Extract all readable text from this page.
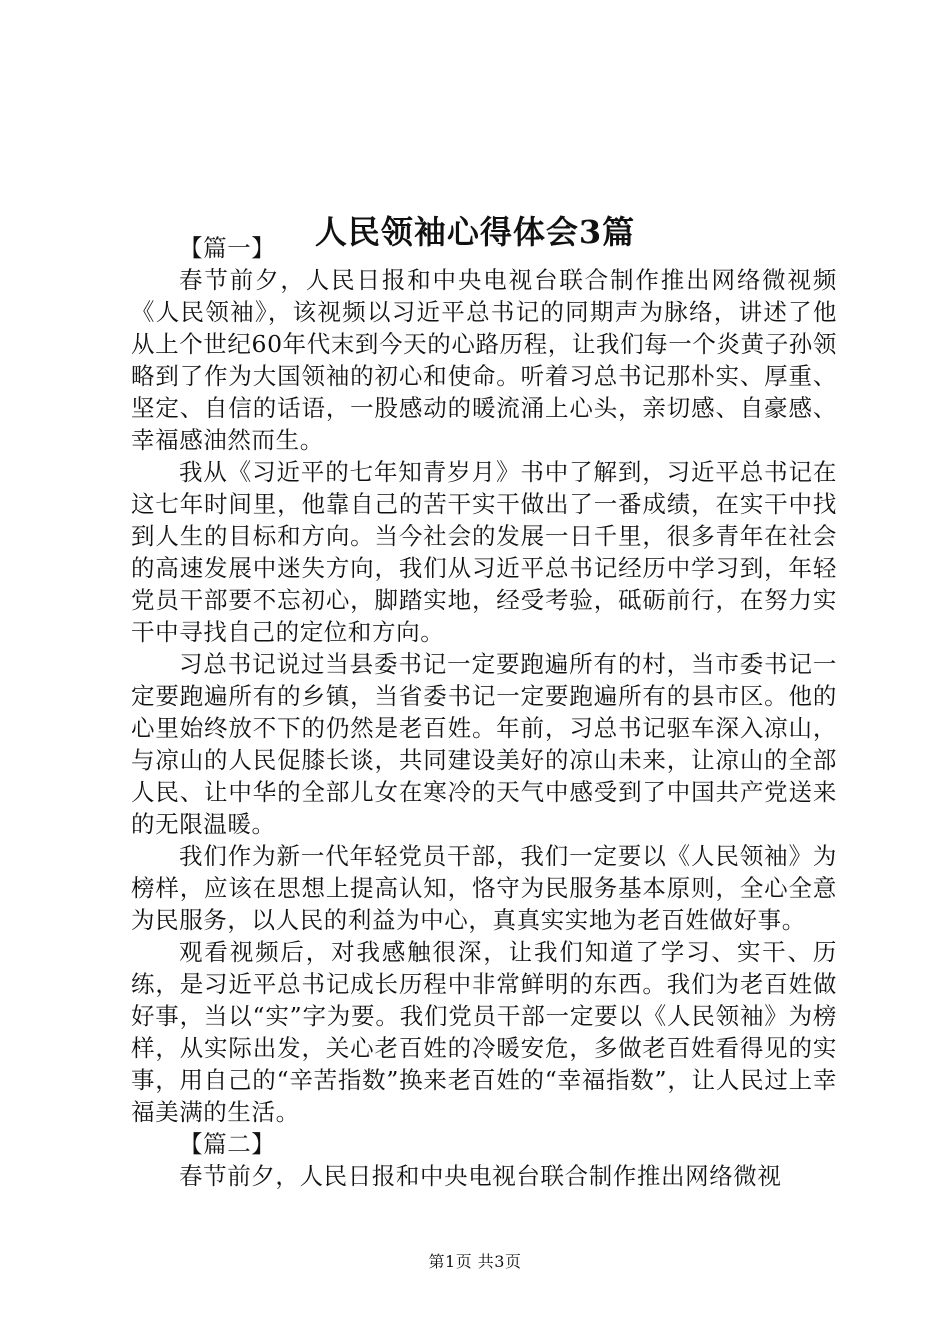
人民领袖心得体会3篇
【篇一】

春节前夕，人民日报和中央电视台联合制作推出网络微视频《人民领袖》，该视频以习近平总书记的同期声为脉络，讲述了他从上个世纪60年代末到今天的心路历程，让我们每一个炎黄子孙领略到了作为大国领袖的初心和使命。听着习总书记那朴实、厚重、坚定、自信的话语，一股感动的暖流涌上心头，亲切感、自豪感、幸福感油然而生。

我从《习近平的七年知青岁月》书中了解到，习近平总书记在这七年时间里，他靠自己的苦干实干做出了一番成绩，在实干中找到人生的目标和方向。当今社会的发展一日千里，很多青年在社会的高速发展中迷失方向，我们从习近平总书记经历中学习到，年轻党员干部要不忘初心，脚踏实地，经受考验，砥砺前行，在努力实干中寻找自己的定位和方向。

习总书记说过当县委书记一定要跑遍所有的村，当市委书记一定要跑遍所有的乡镇，当省委书记一定要跑遍所有的县市区。他的心里始终放不下的仍然是老百姓。年前，习总书记驱车深入凉山，与凉山的人民促膝长谈，共同建设美好的凉山未来，让凉山的全部人民、让中华的全部儿女在寒冷的天气中感受到了中国共产党送来的无限温暖。

我们作为新一代年轻党员干部，我们一定要以《人民领袖》为榜样，应该在思想上提高认知，恪守为民服务基本原则，全心全意为民服务，以人民的利益为中心，真真实实地为老百姓做好事。

观看视频后，对我感触很深，让我们知道了学习、实干、历练，是习近平总书记成长历程中非常鲜明的东西。我们为老百姓做好事，当以“实”字为要。我们党员干部一定要以《人民领袖》为榜样，从实际出发，关心老百姓的冷暖安危，多做老百姓看得见的实事，用自己的“辛苦指数”换来老百姓的“幸福指数”，让人民过上幸福美满的生活。

【篇二】

春节前夕，人民日报和中央电视台联合制作推出网络微视

第1页 共3页
